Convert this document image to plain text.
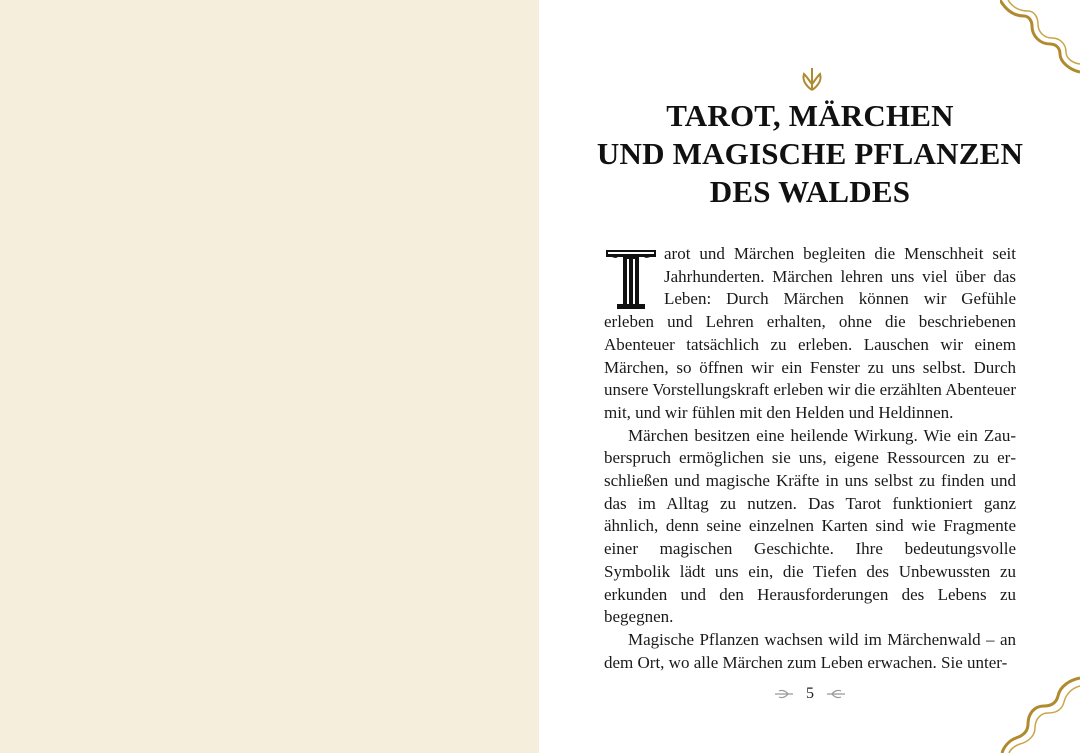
TAROT, MÄRCHEN
UND MAGISCHE PFLANZEN
DES WALDES

arot und Märchen begleiten die Menschheit seit Jahrhunderten. Märchen lehren uns viel über das Leben: Durch Märchen können wir Gefühle erleben und Lehren erhalten, ohne die beschriebenen Abenteuer tatsächlich zu erleben. Lauschen wir einem Märchen, so öffnen wir ein Fenster zu uns selbst. Durch unsere Vorstellungskraft erleben wir die erzählten Abenteuer mit, und wir fühlen mit den Helden und Heldinnen.

Märchen besitzen eine heilende Wirkung. Wie ein Zauberspruch ermöglichen sie uns, eigene Ressourcen zu erschließen und magische Kräfte in uns selbst zu finden und das im Alltag zu nutzen. Das Tarot funktioniert ganz ähnlich, denn seine einzelnen Karten sind wie Fragmente einer magischen Geschichte. Ihre bedeutungsvolle Symbolik lädt uns ein, die Tiefen des Unbewussten zu erkunden und den Herausforderungen des Lebens zu begegnen.

Magische Pflanzen wachsen wild im Märchenwald – an dem Ort, wo alle Märchen zum Leben erwachen. Sie unter-

5
